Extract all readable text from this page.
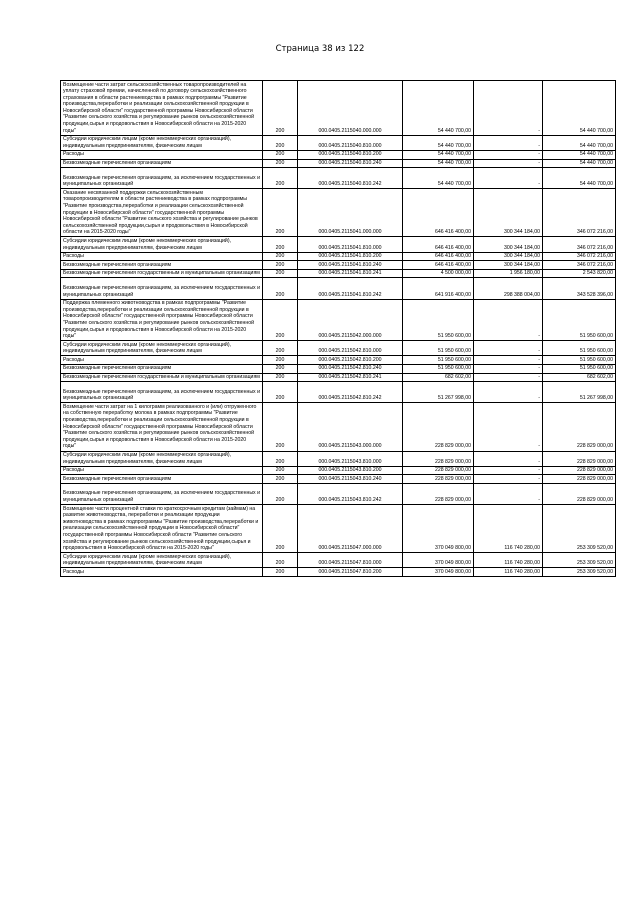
Страница 38 из 122
Возмещение части затрат сельскохозяйственных товаропроизводителей на уплату страховой премии, начисленной по договору сельскохозяйственного страхования в области растениеводства в рамках подпрограммы "Развитие производства,переработки и реализации сельскохозяйственной продукции в Новосибирской области" государственной программы Новосибирской области "Развитие сельского хозяйства и регулирование рынков сельскохозяйственной продукции,сырья и продовольствия в Новосибирской области на 2015-2020 годы"	200	000.0405.2115040.000.000	54 440 700,00	-	54 440 700,00

Субсидии юридическим лицам (кроме некоммерческих организаций), индивидуальным предпринимателям, физическим лицам	200	000.0405.2115040.810.000	54 440 700,00	-	54 440 700,00

Расходы	200	000.0405.2115040.810.200	54 440 700,00	-	54 440 700,00

Безвозмездные перечисления организациям	200	000.0405.2115040.810.240	54 440 700,00	-	54 440 700,00

Безвозмездные перечисления организациям, за исключением государственных и муниципальных организаций	200	000.0405.2115040.810.242	54 440 700,00	-	54 440 700,00

Оказание несвязанной поддержки сельскохозяйственным товаропроизводителям в области растениеводства в рамках подпрограммы "Развитие производства,переработки и реализации сельскохозяйственной продукции в Новосибирской области" государственной программы Новосибирской области "Развитие сельского хозяйства и регулирование рынков сельскохозяйственной продукции,сырья и продовольствия в Новосибирской области на 2015-2020 годы"	200	000.0405.2115041.000.000	646 416 400,00	300 344 184,00	346 072 216,00

Субсидии юридическим лицам (кроме некоммерческих организаций), индивидуальным предпринимателям, физическим лицам	200	000.0405.2115041.810.000	646 416 400,00	300 344 184,00	346 072 216,00

Расходы	200	000.0405.2115041.810.200	646 416 400,00	300 344 184,00	346 072 216,00

Безвозмездные перечисления организациям	200	000.0405.2115041.810.240	646 416 400,00	300 344 184,00	346 072 216,00

Безвозмездные перечисления государственным и муниципальным организациям	200	000.0405.2115041.810.241	4 500 000,00	1 956 180,00	2 543 820,00

Безвозмездные перечисления организациям, за исключением государственных и муниципальных организаций	200	000.0405.2115041.810.242	641 916 400,00	298 388 004,00	343 528 396,00

Поддержка племенного животноводства в рамках подпрограммы "Развитие производства,переработки и реализации сельскохозяйственной продукции в Новосибирской области" государственной программы Новосибирской области "Развитие сельского хозяйства и регулирование рынков сельскохозяйственной продукции,сырья и продовольствия в Новосибирской области на 2015-2020 годы"	200	000.0405.2115042.000.000	51 950 600,00	-	51 950 600,00

Субсидии юридическим лицам (кроме некоммерческих организаций), индивидуальным предпринимателям, физическим лицам	200	000.0405.2115042.810.000	51 950 600,00	-	51 950 600,00

Расходы	200	000.0405.2115042.810.200	51 950 600,00	-	51 950 600,00

Безвозмездные перечисления организациям	200	000.0405.2115042.810.240	51 950 600,00	-	51 950 600,00

Безвозмездные перечисления государственным и муниципальным организациям	200	000.0405.2115042.810.241	682 602,00	-	682 602,00

Безвозмездные перечисления организациям, за исключением государственных и муниципальных организаций	200	000.0405.2115042.810.242	51 267 998,00	-	51 267 998,00

Возмещение части затрат на 1 килограмм реализованного и (или) отгруженного на собственную переработку молока в рамках подпрограммы "Развитие производства,переработки и реализации сельскохозяйственной продукции в Новосибирской области" государственной программы Новосибирской области "Развитие сельского хозяйства и регулирование рынков сельскохозяйственной продукции,сырья и продовольствия в Новосибирской области на 2015-2020 годы"	200	000.0405.2115043.000.000	228 829 000,00	-	228 829 000,00

Субсидии юридическим лицам (кроме некоммерческих организаций), индивидуальным предпринимателям, физическим лицам	200	000.0405.2115043.810.000	228 829 000,00	-	228 829 000,00

Расходы	200	000.0405.2115043.810.200	228 829 000,00	-	228 829 000,00

Безвозмездные перечисления организациям	200	000.0405.2115043.810.240	228 829 000,00	-	228 829 000,00

Безвозмездные перечисления организациям, за исключением государственных и муниципальных организаций	200	000.0405.2115043.810.242	228 829 000,00	-	228 829 000,00

Возмещение части процентной ставки по краткосрочным кредитам (займам) на развитие животноводства, переработки и реализации продукции животноводства в рамках подпрограммы "Развитие производства,переработки и реализации сельскохозяйственной продукции в Новосибирской области" государственной программы Новосибирской области "Развитие сельского хозяйства и регулирование рынков сельскохозяйственной продукции,сырья и продовольствия в Новосибирской области на 2015-2020 годы"	200	000.0405.2115047.000.000	370 049 800,00	116 740 280,00	253 309 520,00

Субсидии юридическим лицам (кроме некоммерческих организаций), индивидуальным предпринимателям, физическим лицам	200	000.0405.2115047.810.000	370 049 800,00	116 740 280,00	253 309 520,00

Расходы	200	000.0405.2115047.810.200	370 049 800,00	116 740 280,00	253 309 520,00
